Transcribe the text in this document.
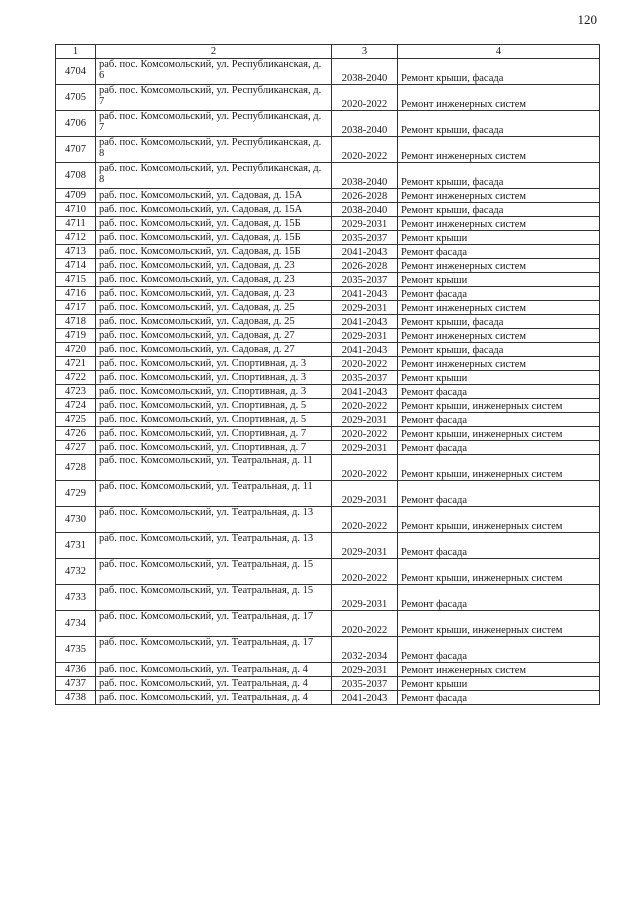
120
1	2	3	4
4704	раб. пос. Комсомольский, ул. Республиканская, д. 6	2038-2040	Ремонт крыши, фасада
4705	раб. пос. Комсомольский, ул. Республиканская, д. 7	2020-2022	Ремонт инженерных систем
4706	раб. пос. Комсомольский, ул. Республиканская, д. 7	2038-2040	Ремонт крыши, фасада
4707	раб. пос. Комсомольский, ул. Республиканская, д. 8	2020-2022	Ремонт инженерных систем
4708	раб. пос. Комсомольский, ул. Республиканская, д. 8	2038-2040	Ремонт крыши, фасада
4709	раб. пос. Комсомольский, ул. Садовая, д. 15А	2026-2028	Ремонт инженерных систем
4710	раб. пос. Комсомольский, ул. Садовая, д. 15А	2038-2040	Ремонт крыши, фасада
4711	раб. пос. Комсомольский, ул. Садовая, д. 15Б	2029-2031	Ремонт инженерных систем
4712	раб. пос. Комсомольский, ул. Садовая, д. 15Б	2035-2037	Ремонт крыши
4713	раб. пос. Комсомольский, ул. Садовая, д. 15Б	2041-2043	Ремонт фасада
4714	раб. пос. Комсомольский, ул. Садовая, д. 23	2026-2028	Ремонт инженерных систем
4715	раб. пос. Комсомольский, ул. Садовая, д. 23	2035-2037	Ремонт крыши
4716	раб. пос. Комсомольский, ул. Садовая, д. 23	2041-2043	Ремонт фасада
4717	раб. пос. Комсомольский, ул. Садовая, д. 25	2029-2031	Ремонт инженерных систем
4718	раб. пос. Комсомольский, ул. Садовая, д. 25	2041-2043	Ремонт крыши, фасада
4719	раб. пос. Комсомольский, ул. Садовая, д. 27	2029-2031	Ремонт инженерных систем
4720	раб. пос. Комсомольский, ул. Садовая, д. 27	2041-2043	Ремонт крыши, фасада
4721	раб. пос. Комсомольский, ул. Спортивная, д. 3	2020-2022	Ремонт инженерных систем
4722	раб. пос. Комсомольский, ул. Спортивная, д. 3	2035-2037	Ремонт крыши
4723	раб. пос. Комсомольский, ул. Спортивная, д. 3	2041-2043	Ремонт фасада
4724	раб. пос. Комсомольский, ул. Спортивная, д. 5	2020-2022	Ремонт крыши, инженерных систем
4725	раб. пос. Комсомольский, ул. Спортивная, д. 5	2029-2031	Ремонт фасада
4726	раб. пос. Комсомольский, ул. Спортивная, д. 7	2020-2022	Ремонт крыши, инженерных систем
4727	раб. пос. Комсомольский, ул. Спортивная, д. 7	2029-2031	Ремонт фасада
4728	раб. пос. Комсомольский, ул. Театральная, д. 11	2020-2022	Ремонт крыши, инженерных систем
4729	раб. пос. Комсомольский, ул. Театральная, д. 11	2029-2031	Ремонт фасада
4730	раб. пос. Комсомольский, ул. Театральная, д. 13	2020-2022	Ремонт крыши, инженерных систем
4731	раб. пос. Комсомольский, ул. Театральная, д. 13	2029-2031	Ремонт фасада
4732	раб. пос. Комсомольский, ул. Театральная, д. 15	2020-2022	Ремонт крыши, инженерных систем
4733	раб. пос. Комсомольский, ул. Театральная, д. 15	2029-2031	Ремонт фасада
4734	раб. пос. Комсомольский, ул. Театральная, д. 17	2020-2022	Ремонт крыши, инженерных систем
4735	раб. пос. Комсомольский, ул. Театральная, д. 17	2032-2034	Ремонт фасада
4736	раб. пос. Комсомольский, ул. Театральная, д. 4	2029-2031	Ремонт инженерных систем
4737	раб. пос. Комсомольский, ул. Театральная, д. 4	2035-2037	Ремонт крыши
4738	раб. пос. Комсомольский, ул. Театральная, д. 4	2041-2043	Ремонт фасада
